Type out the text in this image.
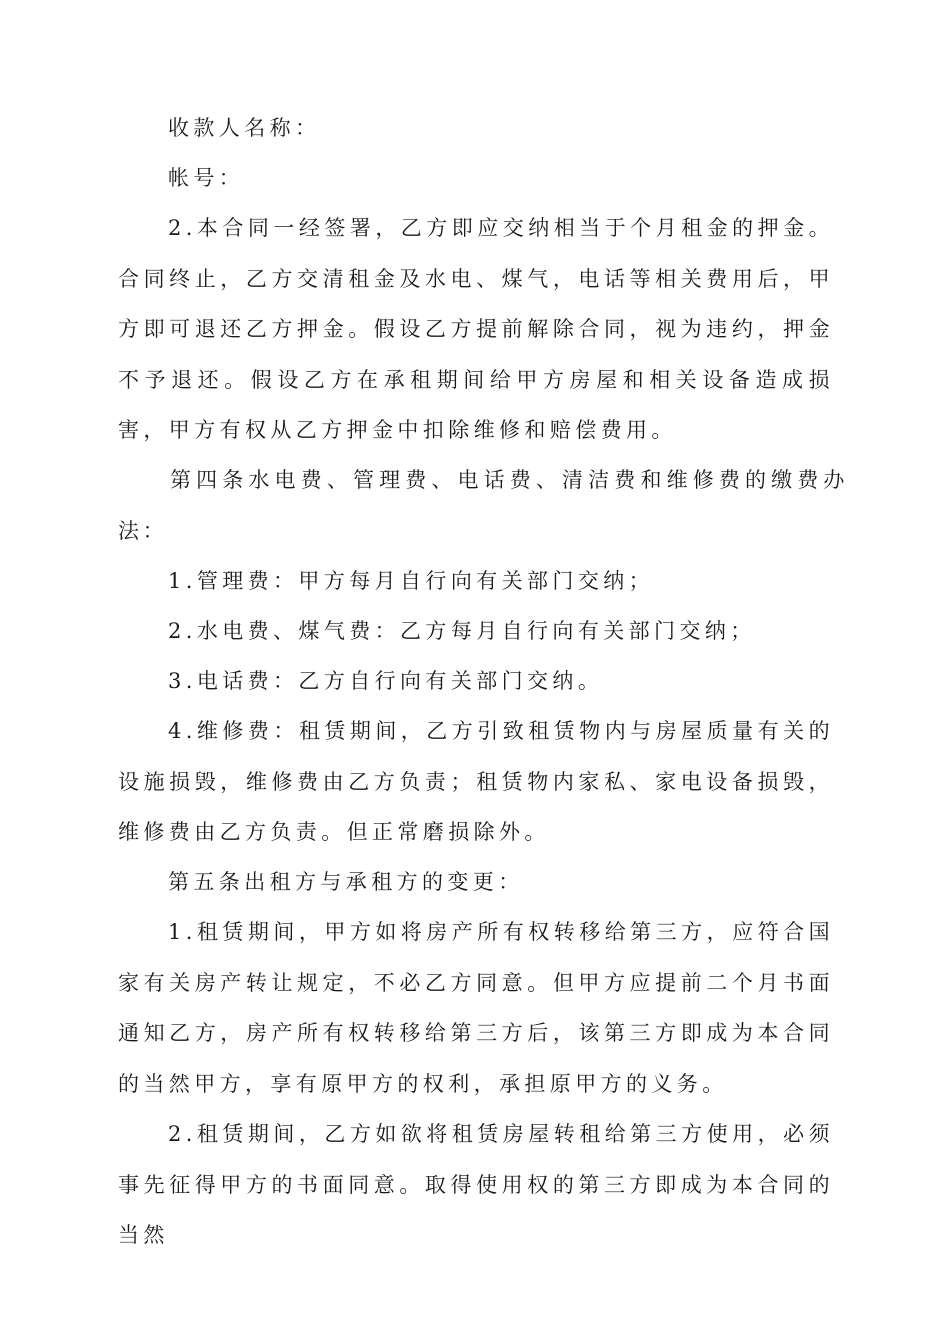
收款人名称：

帐号：

2.本合同一经签署，乙方即应交纳相当于个月租金的押金。合同终止，乙方交清租金及水电、煤气，电话等相关费用后，甲方即可退还乙方押金。假设乙方提前解除合同，视为违约，押金不予退还。假设乙方在承租期间给甲方房屋和相关设备造成损害，甲方有权从乙方押金中扣除维修和赔偿费用。

第四条水电费、管理费、电话费、清洁费和维修费的缴费办法：

1.管理费：甲方每月自行向有关部门交纳；

2.水电费、煤气费：乙方每月自行向有关部门交纳；

3.电话费：乙方自行向有关部门交纳。

4.维修费：租赁期间，乙方引致租赁物内与房屋质量有关的设施损毁，维修费由乙方负责；租赁物内家私、家电设备损毁，维修费由乙方负责。但正常磨损除外。

第五条出租方与承租方的变更：

1.租赁期间，甲方如将房产所有权转移给第三方，应符合国家有关房产转让规定，不必乙方同意。但甲方应提前二个月书面通知乙方，房产所有权转移给第三方后，该第三方即成为本合同的当然甲方，享有原甲方的权利，承担原甲方的义务。

2.租赁期间，乙方如欲将租赁房屋转租给第三方使用，必须事先征得甲方的书面同意。取得使用权的第三方即成为本合同的当然
